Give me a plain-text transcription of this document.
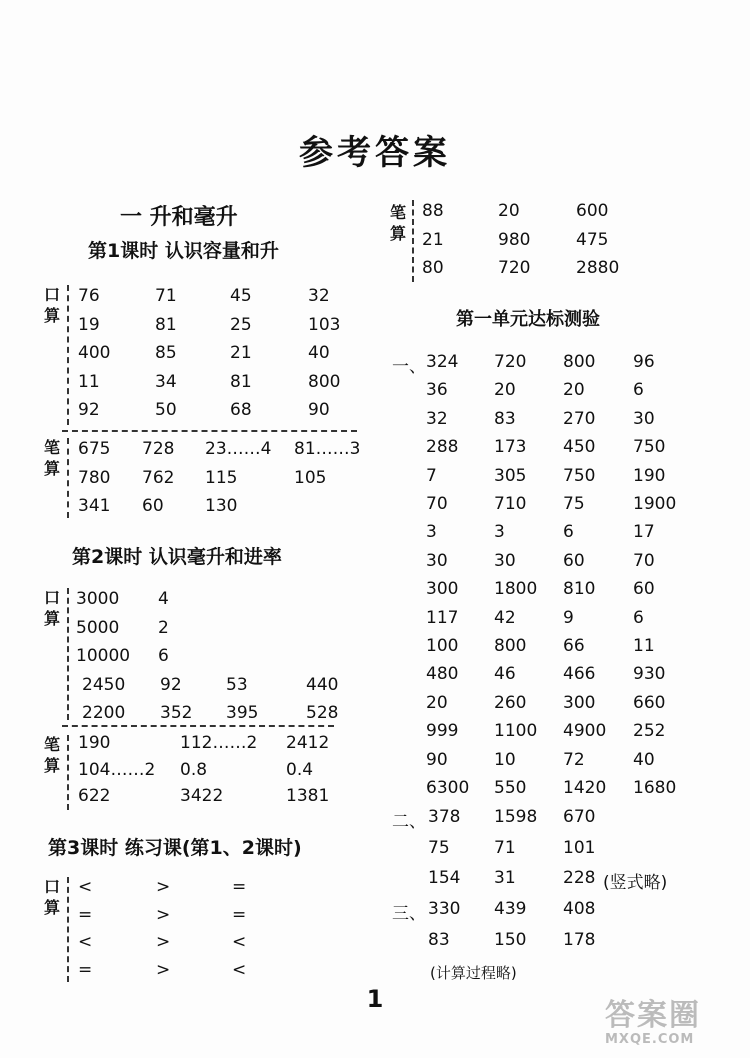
参考答案
一 升和毫升
第1课时 认识容量和升
口
算
76	71	45	32
19	81	25	103
400	85	21	40
11	34	81	800
92	50	68	90
笔
算
675 728 23……4 81……3
780 762 115	105
341 60 130
第2课时 认识毫升和进率
口
算
3000 4
5000 2
10000 6
2450 92	53	440
2200 352 395	528
笔
算
190	112……2 2412
104……2 0.8	0.4
622	3422	1381
第3课时 练习课(第1、2课时)
口
算
<	>	=
=	>	=
<	>	<
=	>	<
笔
算
88	20	600
21	980	475
80	720	2880
第一单元达标测验
一、 324 720 800 96
36	20	20	6
32	83	270 30
288 173 450 750
7	305 750 190
70	710 75	1900
3	3	6	17
30	30	60	70
300 1800 810 60
117 42	9	6
100 800 66	11
480 46	466 930
20	260 300 660
999 1100 4900 252
90	10	72	40
6300 550 1420 1680
二、 378 1598 670
75	71	101
154 31	228 (竖式略)
三、 330 439 408
83	150 178
(计算过程略)
1	答案圈
MXQE.COM
